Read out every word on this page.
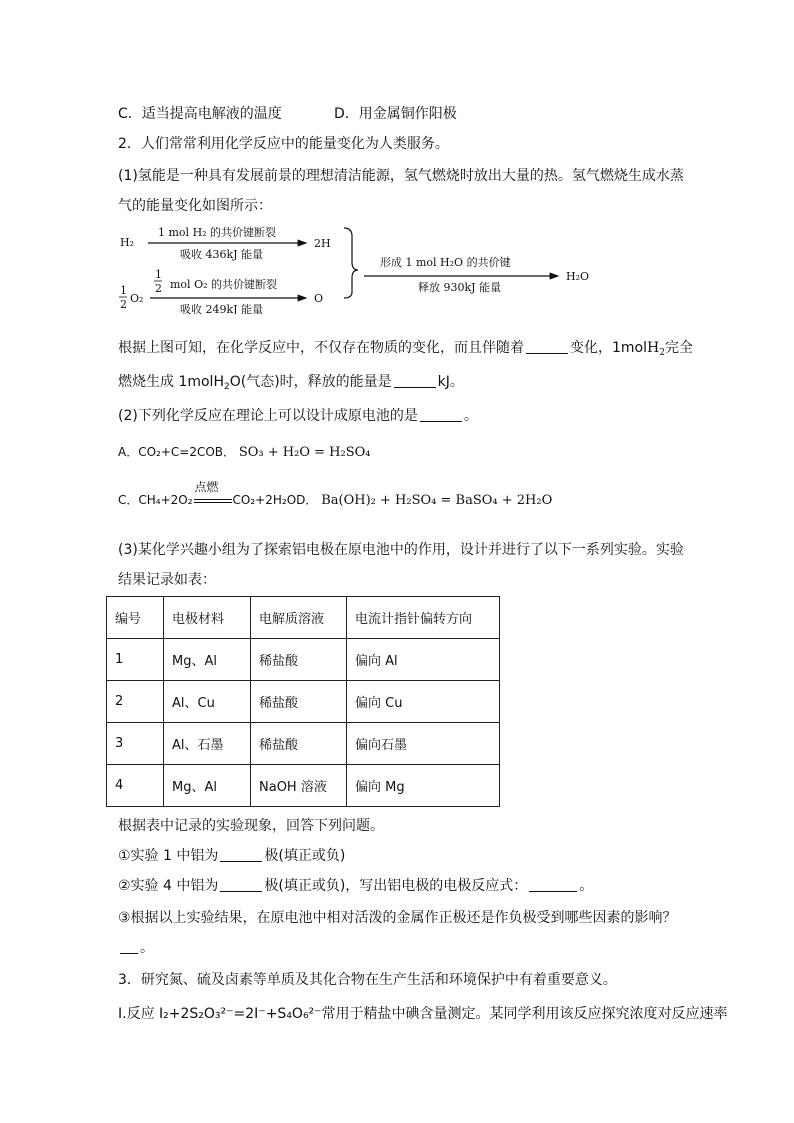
C．适当提高电解液的温度	D．用金属铜作阳极
2．人们常常利用化学反应中的能量变化为人类服务。
(1)氢能是一种具有发展前景的理想清洁能源，氢气燃烧时放出大量的热。氢气燃烧生成水蒸
气的能量变化如图所示：
H₂
1 mol H₂ 的共价键断裂
吸收 436kJ 能量
2H
1
2 O₂
1
2 mol O₂ 的共价键断裂
吸收 249kJ 能量
O
形成 1 mol H₂O 的共价键
释放 930kJ 能量
H₂O
根据上图可知，在化学反应中，不仅存在物质的变化，而且伴随着	变化，1molH$_2$完全
燃烧生成 1molH$_2$O(气态)时，释放的能量是	kJ。
(2)下列化学反应在理论上可以设计成原电池的是	。
A．CO₂+C=2COB． SO₃ + H₂O = H₂SO₄
C．CH₄+2O₂
点燃
CO₂+2H₂OD． Ba(OH)₂ + H₂SO₄ = BaSO₄ + 2H₂O
(3)某化学兴趣小组为了探索铝电极在原电池中的作用，设计并进行了以下一系列实验。实验
结果记录如表：
编号	电极材料	电解质溶液	电流计指针偏转方向
1	Mg、Al	稀盐酸	偏向 Al
2	Al、Cu	稀盐酸	偏向 Cu
3	Al、石墨	稀盐酸	偏向石墨
4	Mg、Al	NaOH 溶液	偏向 Mg
根据表中记录的实验现象，回答下列问题。
①实验 1 中铝为	极(填正或负)
②实验 4 中铝为	极(填正或负)，写出铝电极的电极反应式：	。
③根据以上实验结果，在原电池中相对活泼的金属作正极还是作负极受到哪些因素的影响？
。
3．研究氮、硫及卤素等单质及其化合物在生产生活和环境保护中有着重要意义。
I.反应 I₂+2S₂O₃²⁻=2I⁻+S₄O₆²⁻常用于精盐中碘含量测定。某同学利用该反应探究浓度对反应速率
